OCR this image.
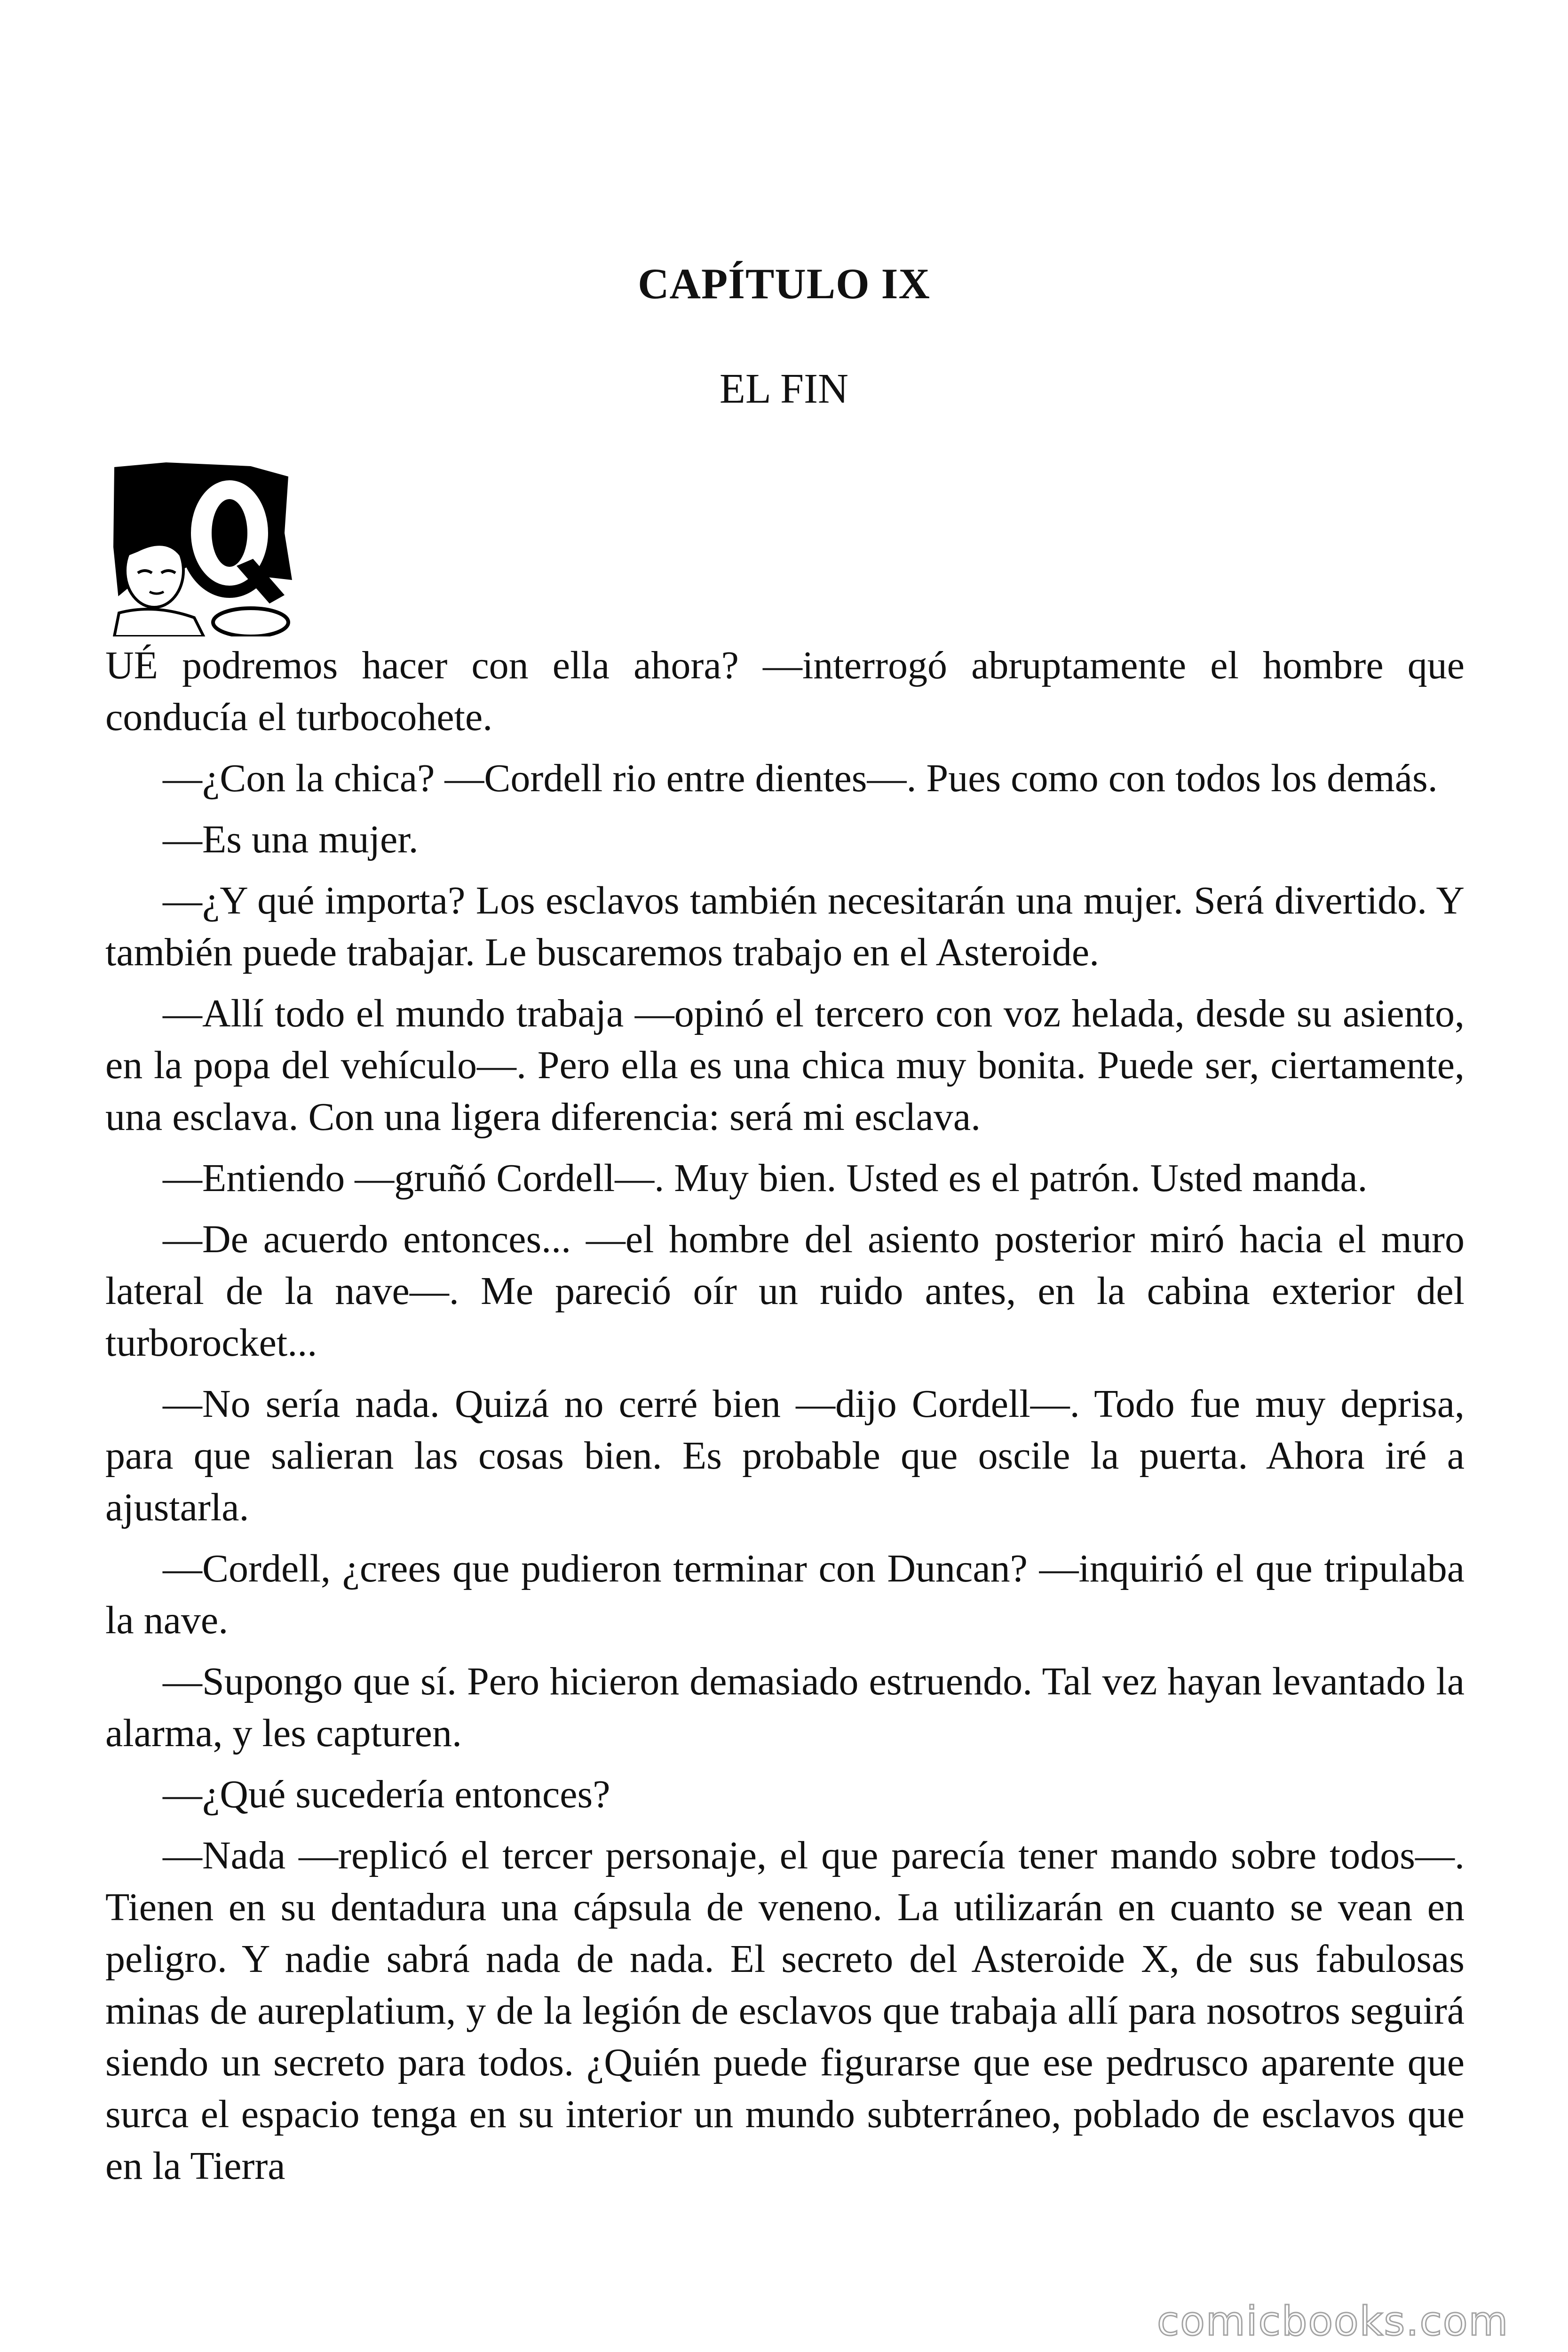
CAPÍTULO IX
EL FIN

UÉ podremos hacer con ella ahora? —interrogó abruptamente el hombre que conducía el turbocohete.

—¿Con la chica? —Cordell rio entre dientes—. Pues como con todos los demás.

—Es una mujer.

—¿Y qué importa? Los esclavos también necesitarán una mujer. Será divertido. Y también puede trabajar. Le buscaremos trabajo en el Asteroide.

—Allí todo el mundo trabaja —opinó el tercero con voz helada, desde su asiento, en la popa del vehículo—. Pero ella es una chica muy bonita. Puede ser, ciertamente, una esclava. Con una ligera diferencia: será mi esclava.

—Entiendo —gruñó Cordell—. Muy bien. Usted es el patrón. Usted manda.

—De acuerdo entonces... —el hombre del asiento posterior miró hacia el muro lateral de la nave—. Me pareció oír un ruido antes, en la cabina exterior del turborocket...

—No sería nada. Quizá no cerré bien —dijo Cordell—. Todo fue muy deprisa, para que salieran las cosas bien. Es probable que oscile la puerta. Ahora iré a ajustarla.

—Cordell, ¿crees que pudieron terminar con Duncan? —inquirió el que tripulaba la nave.

—Supongo que sí. Pero hicieron demasiado estruendo. Tal vez hayan levantado la alarma, y les capturen.

—¿Qué sucedería entonces?

—Nada —replicó el tercer personaje, el que parecía tener mando sobre todos—. Tienen en su dentadura una cápsula de veneno. La utilizarán en cuanto se vean en peligro. Y nadie sabrá nada de nada. El secreto del Asteroide X, de sus fabulosas minas de aureplatium, y de la legión de esclavos que trabaja allí para nosotros seguirá siendo un secreto para todos. ¿Quién puede figurarse que ese pedrusco aparente que surca el espacio tenga en su interior un mundo subterráneo, poblado de esclavos que en la Tierra

comicbooks.com
